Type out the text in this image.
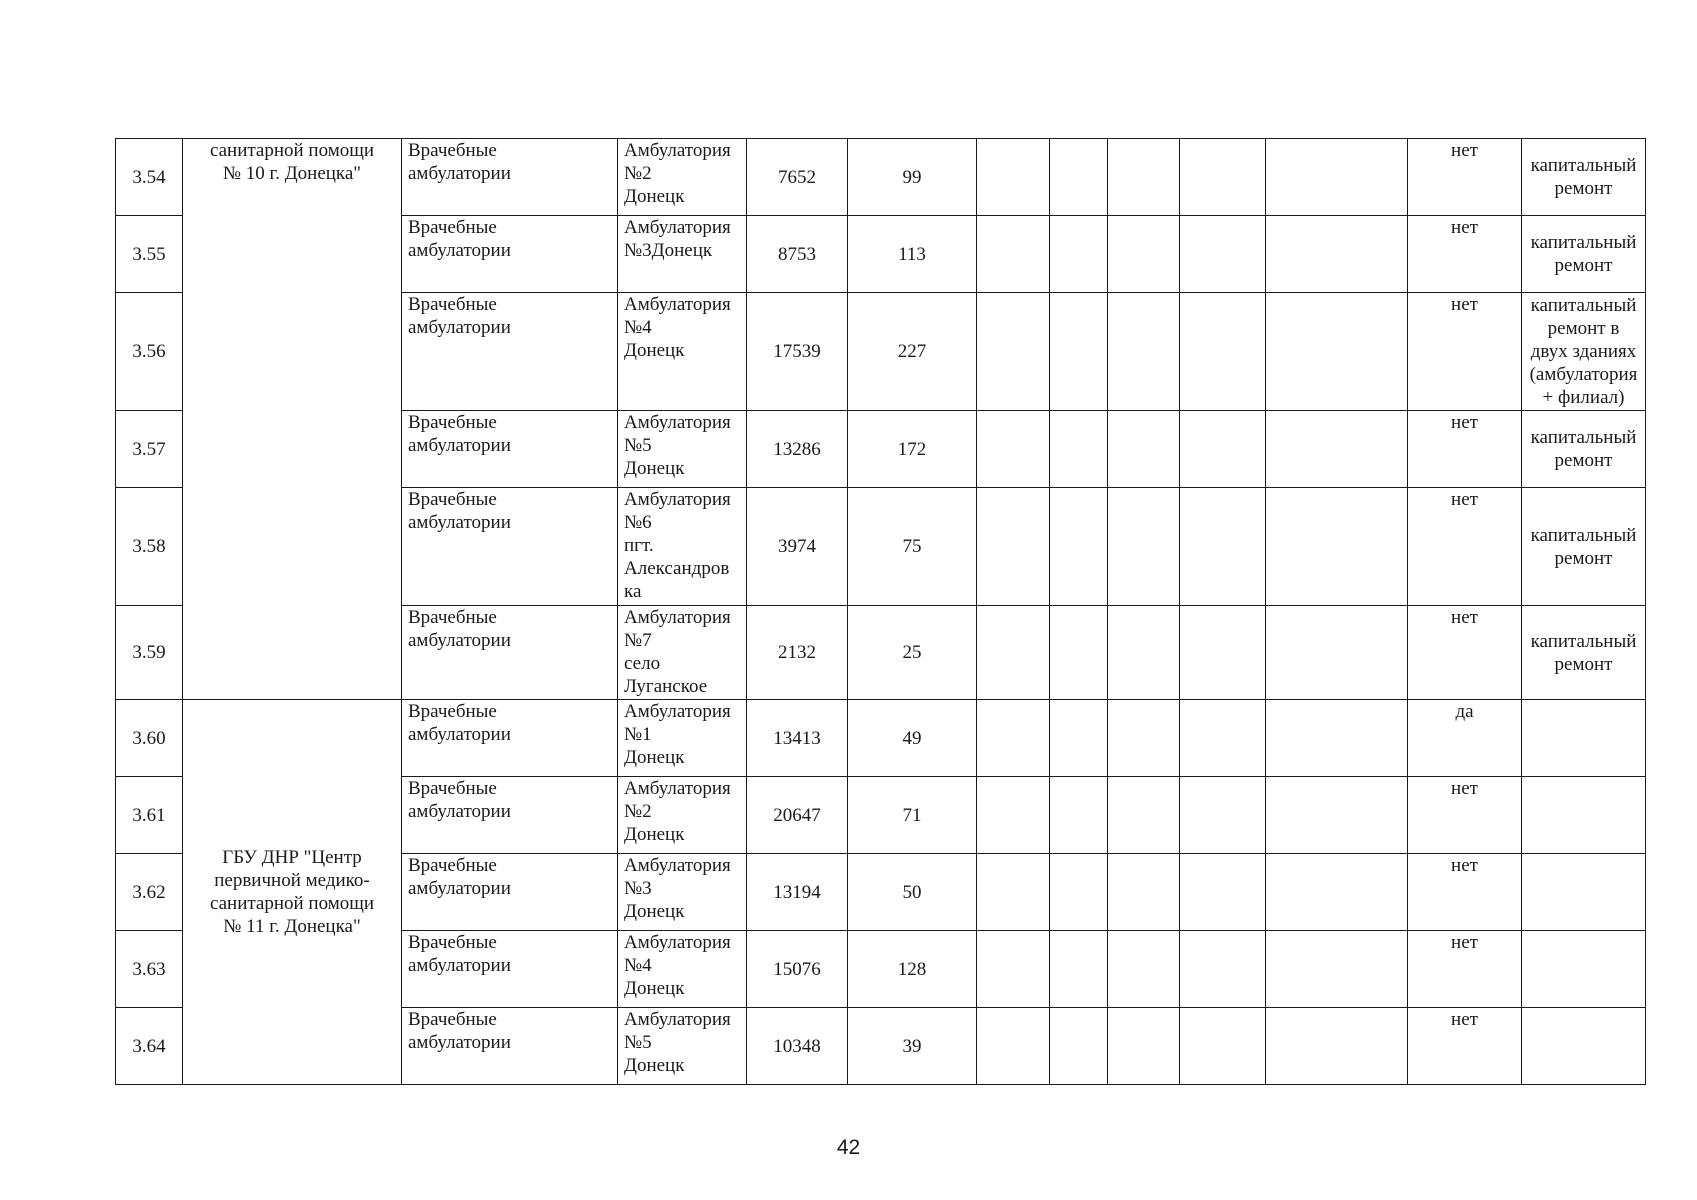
3.54	санитарной помощи
№ 10 г. Донецка"	Врачебные
амбулатории	Амбулатория
№2
Донецк	7652	99						нет	капитальный
ремонт
3.55		Врачебные
амбулатории	Амбулатория
№3Донецк	8753	113						нет	капитальный
ремонт
3.56		Врачебные
амбулатории	Амбулатория
№4
Донецк	17539	227						нет	капитальный
ремонт в
двух зданиях
(амбулатория
+ филиал)
3.57		Врачебные
амбулатории	Амбулатория
№5
Донецк	13286	172						нет	капитальный
ремонт
3.58		Врачебные
амбулатории	Амбулатория
№6
пгт.
Александров
ка	3974	75						нет	капитальный
ремонт
3.59		Врачебные
амбулатории	Амбулатория
№7
село
Луганское	2132	25						нет	капитальный
ремонт
3.60	ГБУ ДНР "Центр
первичной медико-
санитарной помощи
№ 11 г. Донецка"	Врачебные
амбулатории	Амбулатория
№1
Донецк	13413	49						да	
3.61		Врачебные
амбулатории	Амбулатория
№2
Донецк	20647	71						нет	
3.62		Врачебные
амбулатории	Амбулатория
№3
Донецк	13194	50						нет	
3.63		Врачебные
амбулатории	Амбулатория
№4
Донецк	15076	128						нет	
3.64		Врачебные
амбулатории	Амбулатория
№5
Донецк	10348	39						нет	
42
